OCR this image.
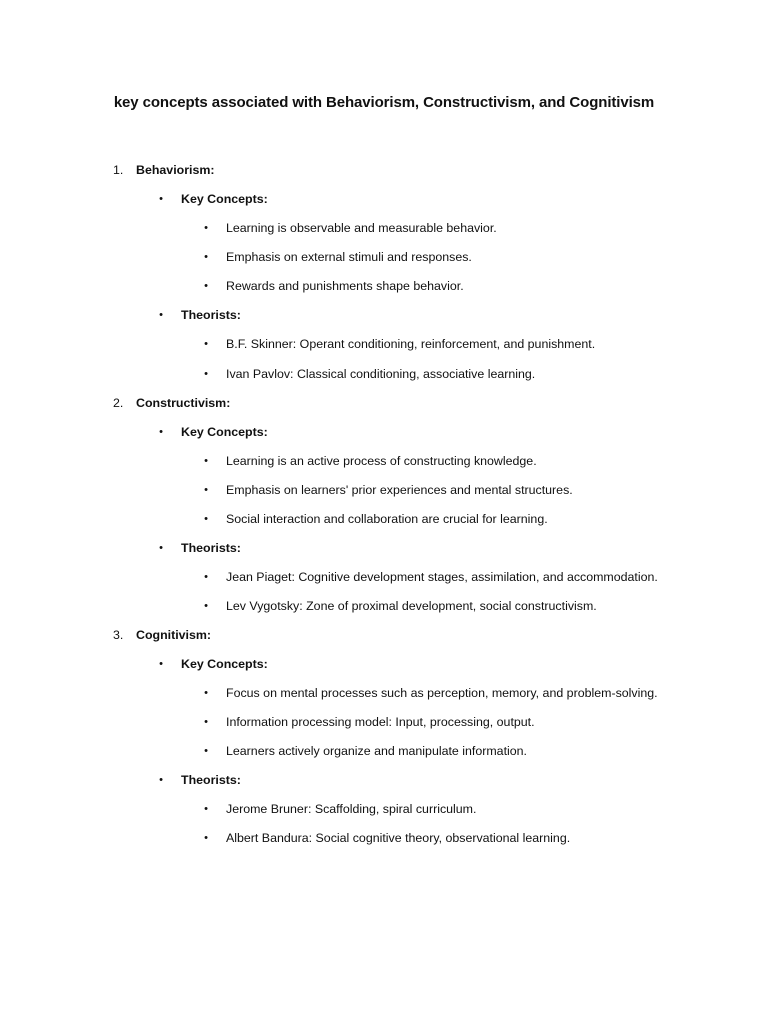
key concepts associated with Behaviorism, Constructivism, and Cognitivism
1.	Behaviorism:
• Key Concepts:
• Learning is observable and measurable behavior.
• Emphasis on external stimuli and responses.
• Rewards and punishments shape behavior.
• Theorists:
• B.F. Skinner: Operant conditioning, reinforcement, and punishment.
• Ivan Pavlov: Classical conditioning, associative learning.
2.	Constructivism:
• Key Concepts:
• Learning is an active process of constructing knowledge.
• Emphasis on learners' prior experiences and mental structures.
• Social interaction and collaboration are crucial for learning.
• Theorists:
• Jean Piaget: Cognitive development stages, assimilation, and accommodation.
• Lev Vygotsky: Zone of proximal development, social constructivism.
3.	Cognitivism:
• Key Concepts:
• Focus on mental processes such as perception, memory, and problem-solving.
• Information processing model: Input, processing, output.
• Learners actively organize and manipulate information.
• Theorists:
• Jerome Bruner: Scaffolding, spiral curriculum.
• Albert Bandura: Social cognitive theory, observational learning.
